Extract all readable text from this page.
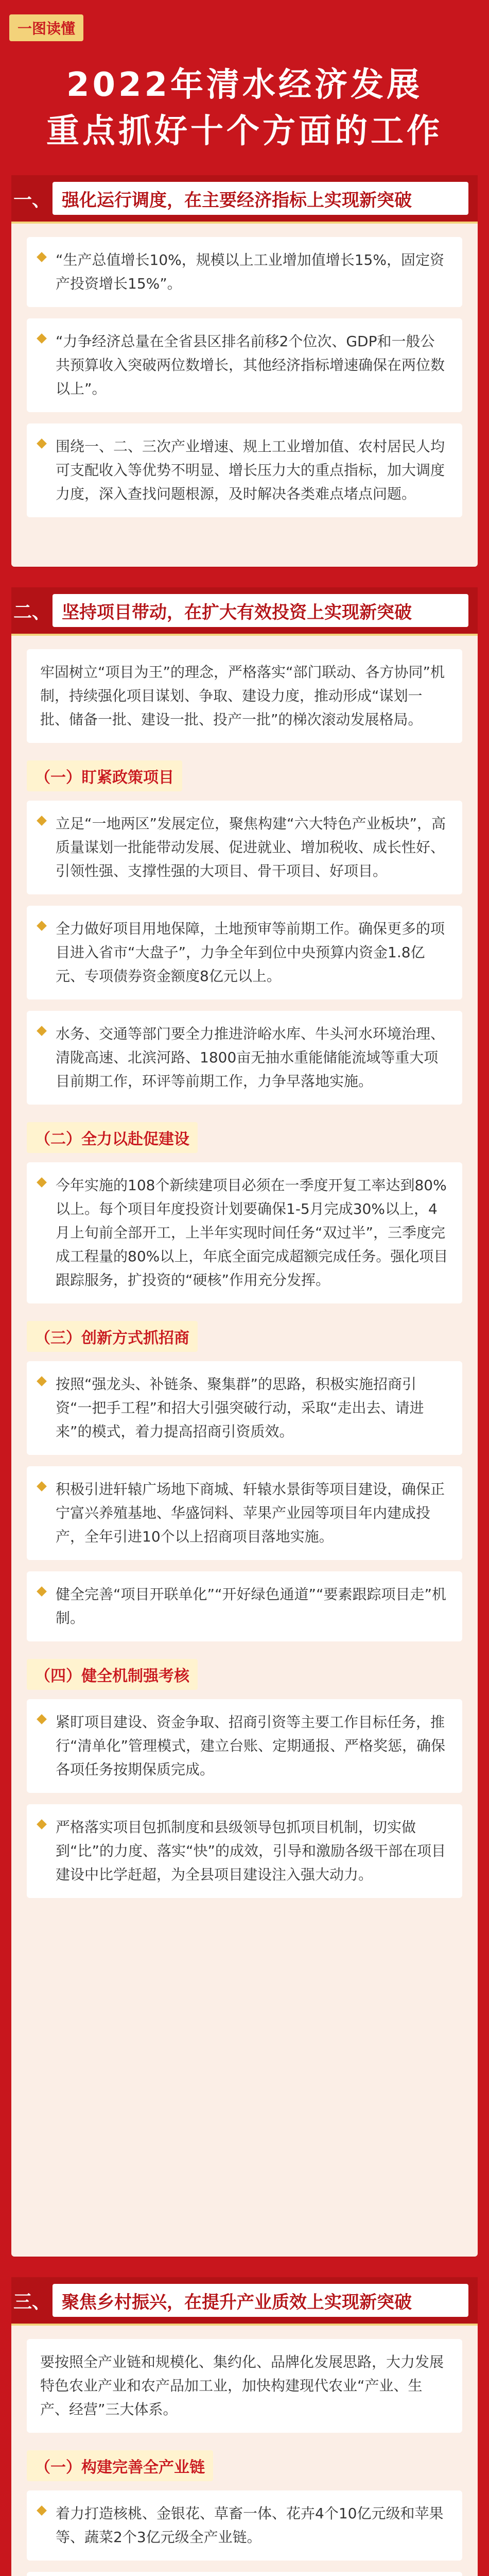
一图读懂
2022年清水经济发展
重点抓好十个方面的工作
一、 强化运行调度，在主要经济指标上实现新突破
“生产总值增长10%，规模以上工业增加值增长15%，固定资产投资增长15%”。
“力争经济总量在全省县区排名前移2个位次、GDP和一般公共预算收入突破两位数增长，其他经济指标增速确保在两位数以上”。
围绕一、二、三次产业增速、规上工业增加值、农村居民人均可支配收入等优势不明显、增长压力大的重点指标，加大调度力度，深入查找问题根源，及时解决各类难点堵点问题。
二、 坚持项目带动，在扩大有效投资上实现新突破
牢固树立“项目为王”的理念，严格落实“部门联动、各方协同”机制，持续强化项目谋划、争取、建设力度，推动形成“谋划一批、储备一批、建设一批、投产一批”的梯次滚动发展格局。
（一）盯紧政策项目
立足“一地两区”发展定位，聚焦构建“六大特色产业板块”，高质量谋划一批能带动发展、促进就业、增加税收、成长性好、引领性强、支撑性强的大项目、骨干项目、好项目。
全力做好项目用地保障，土地预审等前期工作。确保更多的项目进入省市“大盘子”，力争全年到位中央预算内资金1.8亿元、专项债券资金额度8亿元以上。
水务、交通等部门要全力推进浒峪水库、牛头河水环境治理、清陇高速、北滨河路、1800亩无抽水重能储能流域等重大项目前期工作，环评等前期工作，力争早落地实施。
（二）全力以赴促建设
今年实施的108个新续建项目必须在一季度开复工率达到80%以上。每个项目年度投资计划要确保1-5月完成30%以上，4月上旬前全部开工，上半年实现时间任务“双过半”，三季度完成工程量的80%以上，年底全面完成超额完成任务。强化项目跟踪服务，扩投资的“硬核”作用充分发挥。
（三）创新方式抓招商
按照“强龙头、补链条、聚集群”的思路，积极实施招商引资“一把手工程”和招大引强突破行动，采取“走出去、请进来”的模式，着力提高招商引资质效。
积极引进轩辕广场地下商城、轩辕水景街等项目建设，确保正宁富兴养殖基地、华盛饲料、苹果产业园等项目年内建成投产，全年引进10个以上招商项目落地实施。
健全完善“项目开联单化”“开好绿色通道”“要素跟踪项目走”机制。
（四）健全机制强考核
紧盯项目建设、资金争取、招商引资等主要工作目标任务，推行“清单化”管理模式，建立台账、定期通报、严格奖惩，确保各项任务按期保质完成。
严格落实项目包抓制度和县级领导包抓项目机制，切实做到“比”的力度、落实“快”的成效，引导和激励各级干部在项目建设中比学赶超，为全县项目建设注入强大动力。
三、 聚焦乡村振兴，在提升产业质效上实现新突破
要按照全产业链和规模化、集约化、品牌化发展思路，大力发展特色农业产业和农产品加工业，加快构建现代农业“产业、生产、经营”三大体系。
（一）构建完善全产业链
着力打造核桃、金银花、草畜一体、花卉4个10亿元级和苹果等、蔬菜2个3亿元级全产业链。
